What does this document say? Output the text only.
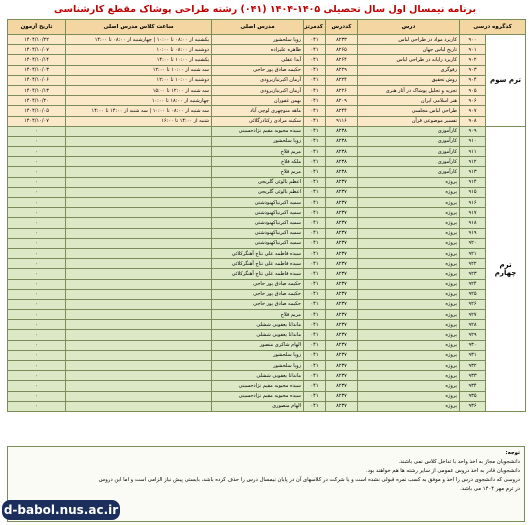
برنامه نیمسال اول سال تحصیلی ۱۴۰۵-۱۴۰۴ (۰۴۱) رشته طراحی پوشاک مقطع کارشناسی
کدگروه درسی		درس	کددرس	کدمرتز	مدرس اصلی	ساعت کلاس مدرس اصلی	تاریخ آزمون
ترم سوم	۹۰۰	کاربرد مواد در طراحی لباس	۸۲۳۳	۰۴۱	زویا سلحشور	یکشنبه از ۰۸:۰۰ تا ۱۰:۰۰ | چهارشنبه از ۰۸:۰۰ تا ۱۴:۰۰	۱۴۰۴/۱۰/۲۲
	۹۰۱	تاریخ لباس جهان	۸۲۶۵	۰۴۱	طاهره علیزاده	دوشنبه از ۰۸:۰۰ تا ۱۰:۰۰	۱۴۰۴/۱۰/۰۷
	۹۰۲	کاربرد رایانه در طراحی لباس	۸۲۶۴	۰۴۱	آیدا عقلی	یکشنبه از ۱۰:۰۰ تا ۱۴:۰۰	۱۴۰۴/۱۰/۱۴
	۹۰۳	رفوگری	۸۲۲۹	۰۴۱	حکیمه صادق پور حاجی	سه شنبه از ۱۰:۰۰ تا ۱۲:۰۰	۱۴۰۴/۱۰/۰۳
	۹۰۴	روش تحقیق	۸۲۲۴	۰۴۱	آرمان اکبرنیازبرودی	دوشنبه از ۱۰:۰۰ تا ۱۲:۰۰	۱۴۰۴/۱۰/۰۶
	۹۰۵	تجزیه و تحلیل پوشاک در آثار هنری	۸۲۲۶	۰۴۱	آرمان اکبرنیازبرودی	سه شنبه از ۱۲:۰۰ تا ۱۵:۰۰	۱۴۰۴/۱۰/۱۳
	۹۰۶	هنر اسلامی ایران	۸۲۰۹	۰۴۱	بهمن غفوران	چهارشنبه از ۱۸:۰۰ تا ۱۰:۰۰	۱۴۰۴/۱۰/۲۰
	۹۰۷	طراحی لباس مجلسی	۸۲۴۴	۰۴۱	ماهه منوچهری لوچی آباد	سه شنبه از ۰۸:۰۰ تا ۱۰:۰۰ | سه شنبه از ۱۴:۰۰ تا ۱۴:۰۰	۱۴۰۴/۱۰/۰۵
	۹۰۸	تفسیر موضوعی قرآن	۹۱۱۶	۰۴۱	سکینه مرادی رکنادرگلائی	شنبه از ۱۴:۰۰ تا ۱۶:۰۰	۱۴۰۴/۱۰/۰۷
ترم چهارم	۹۰۹	کارآموزی	۸۲۳۸	۰۴۱	سیده محبوبه مقیم نژادحسینی		۰
	۹۱۰	کارآموزی	۸۲۳۸	۰۴۱	زویا سلحشور		۰
	۹۱۱	کارآموزی	۸۲۳۸	۰۴۱	مریم فلاح		۰
	۹۱۲	کارآموزی	۸۲۳۸	۰۴۱	ملکه فلاح		۰
	۹۱۳	کارآموزی	۸۲۳۸	۰۴۱	مریم فلاح		۰
	۹۱۴	پروژه	۸۲۳۷	۰۴۱	اعظم بالوئی گلریجی		۰
	۹۱۵	پروژه	۸۲۳۷	۰۴۱	اعظم بالوئی گلریجی		۰
	۹۱۶	پروژه	۸۲۳۷	۰۴۱	سمیه اکبرنیاکهنودشتی		۰
	۹۱۷	پروژه	۸۲۳۷	۰۴۱	سمیه اکبرنیاکهنودشتی		۰
	۹۱۸	پروژه	۸۲۳۷	۰۴۱	سمیه اکبرنیاکهنودشتی		۰
	۹۱۹	پروژه	۸۲۳۷	۰۴۱	سمیه اکبرنیاکهنودشتی		۰
	۹۲۰	پروژه	۸۲۳۷	۰۴۱	سمیه اکبرنیاکهنودشتی		۰
	۹۲۱	پروژه	۸۲۳۷	۰۴۱	سیده فاطمه علی نتاج آهنگرکلائی		۰
	۹۲۲	پروژه	۸۲۳۷	۰۴۱	سیده فاطمه علی نتاج آهنگرکلائی		۰
	۹۲۳	پروژه	۸۲۳۷	۰۴۱	سیده فاطمه علی نتاج آهنگرکلائی		۰
	۹۲۴	پروژه	۸۲۳۷	۰۴۱	حکیمه صادق پور حاجی		۰
	۹۲۵	پروژه	۸۲۳۷	۰۴۱	حکیمه صادق پور حاجی		۰
	۹۲۶	پروژه	۸۲۳۷	۰۴۱	حکیمه صادق پور حاجی		۰
	۹۲۷	پروژه	۸۲۳۷	۰۴۱	مریم فلاح		۰
	۹۲۸	پروژه	۸۲۳۷	۰۴۱	ماندانا یعقوبی ششلی		۰
	۹۲۹	پروژه	۸۲۳۷	۰۴۱	ماندانا یعقوبی ششلی		۰
	۹۳۰	پروژه	۸۲۳۷	۰۴۱	الهام شاکری منصور		۰
	۹۳۱	پروژه	۸۲۳۷	۰۴۱	زویا سلحشور		۰
	۹۳۲	پروژه	۸۲۳۷	۰۴۱	زویا سلحشور		۰
	۹۳۳	پروژه	۸۲۳۷	۰۴۱	ماندانا یعقوبی ششلی		۰
	۹۳۴	پروژه	۸۲۳۷	۰۴۱	سیده محبوبه مقیم نژادحسینی		۰
	۹۳۵	پروژه	۸۲۳۷	۰۴۱	سیده محبوبه مقیم نژادحسینی		۰
	۹۳۶	پروژه	۸۲۳۷	۰۴۱	الهام منصوری		۰
توجه:
دانشجویان مجاز به اخذ واحد با تداخل کلاس نمی باشند.
دانشجویان قادر به اخذ دروس عمومی از سایر رشته ها هم خواهند بود.
دروسی که دانشجوی درس را اخذ و موفق به کسب نمره قبولی نشده است و یا شرکت در کلاسهای آن در پایان نیمسال درس را حذف کرده باشد، بایستی پیش نیاز الزامی است و اما این دروس
در ترم مهر ۱۴۰۴ می باشد.
d-babol.nus.ac.ir
